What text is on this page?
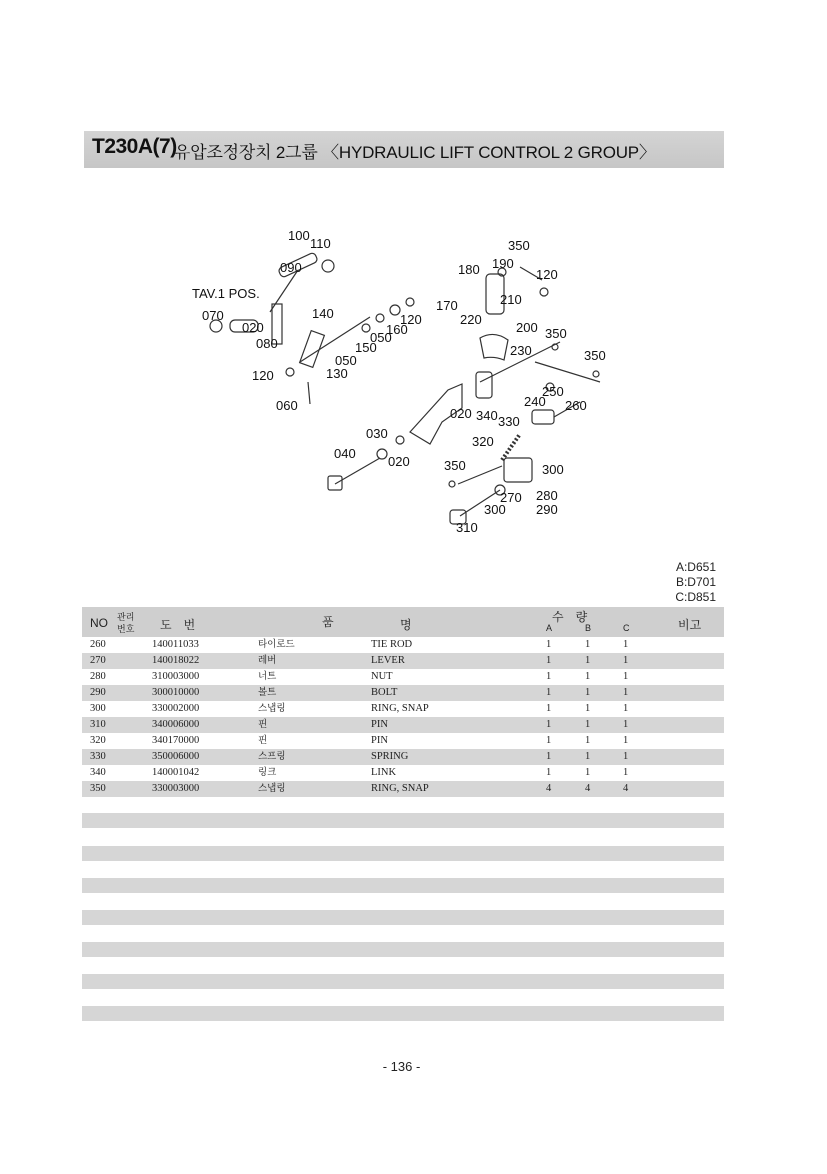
T230A(7)
유압조정장치 2그룹 〈HYDRAULIC LIFT CONTROL 2 GROUP〉
100
110
090
TAV.1 POS.
070
020
080
140	120
160
050
150
050
120	130
060
350
180 190
120
170	210
220
200 350
230	350
250
240 260
020 340 330
030
320
040
020	350	300
270 280
300 290
310
A:D651
B:D701
C:D851
NO 관리
번호 도　번	품	명
수　량
A	B	C	비고
260	140011033	타이로드	TIE ROD	1	1	1
270	140018022	레버	LEVER	1	1	1
280	310003000	너트	NUT	1	1	1
290	300010000	볼트	BOLT	1	1	1
300	330002000	스냅링	RING, SNAP	1	1	1
310	340006000	핀	PIN	1	1	1
320	340170000	핀	PIN	1	1	1
330	350006000	스프링	SPRING	1	1	1
340	140001042	링크	LINK	1	1	1
350	330003000	스냅링	RING, SNAP	4	4	4
- 136 -
